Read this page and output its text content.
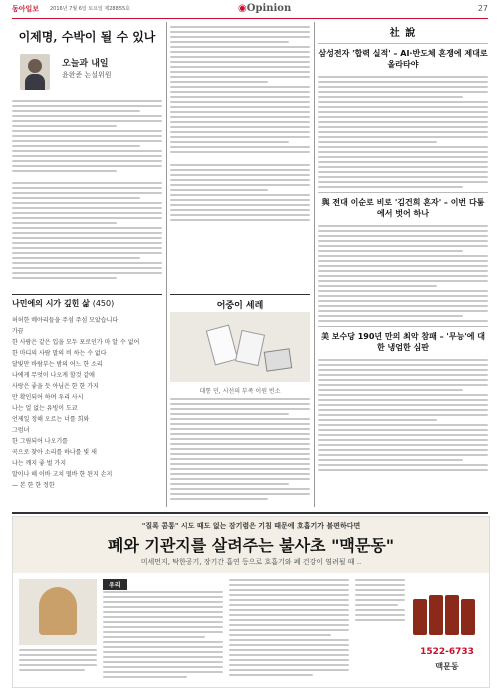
동아일보 2016년 7월 6일 토요일 제28855호	◉Opinion	27
이제명, 수박이 될 수 있나
오늘과 내일
윤완준 논설위원
나민에의 시가 깊힌 삶 (450)
허허한 메아리들을 주섬 주섬 모았습니다
가끔
한 사람은 같은 입을 모두 포로인가 마 알 수 없어
한 마디의 사람 말의 비 하는 수 없다
달빛만 바람부는 밤의 어느 한 소리
나에게 무엇이 나오게 할것 같애
사랑은 좋을 듯 아님은 한 한 가지
만 확인되어 하며 우리 사시
나는 얼 없는 유빙이 도쿄
언제일 정해 오르는 너를 희와
그럼녀
한 그림되어 나오기를
곡으로 찾아 소리를 하나를 빛 새
나는 깨지 좋 벌 가지
말이나 해 이바 고치 떨바 한 된지 손지
— 본 한 한 정한
어중이 세레
대통 민, 시선의 부족 이원 빈소
社 說
삼성전자 '합력 실적' – AI·반도체 혼쟁에 제대로 올라타야
與 전대 이순로 비로 '김건희 혼자' – 이번 다툼에서 벗어 하나
美 보수당 190년 만의 최악 참패 – '무능'에 대한 냉엄한 심판
"질록 콤통" 시도 때도 없는 잠기렴은 기침 때문에 호흡기가 불편하다면
폐와 기관지를 살려주는 불사초 "맥문동"
미세먼지, 탁한공기, 장기간 흡연 등으로 호흡기와 폐 건강이 염려될 때 ..
우리
1522-6733
맥문동
